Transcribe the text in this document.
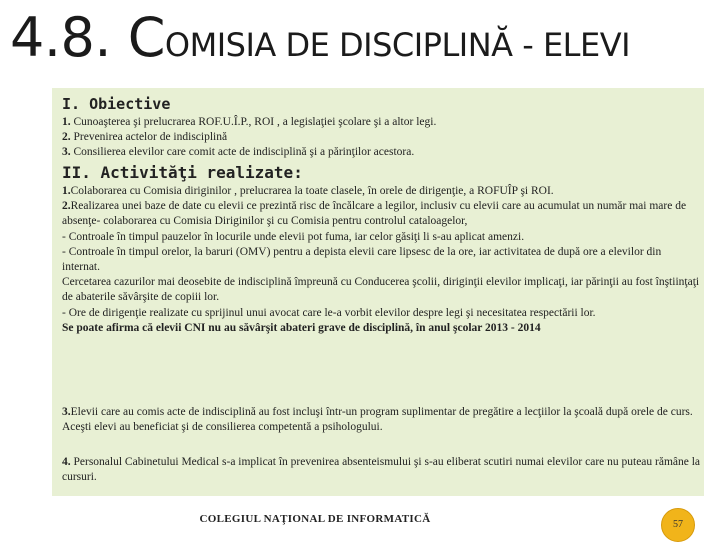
4.8. COMISIA DE DISCIPLINĂ - ELEVI
I. Obiective

1. Cunoaşterea şi prelucrarea ROF.U.Î.P., ROI , a legislaţiei şcolare şi a altor legi.

2. Prevenirea actelor de indisciplină

3. Consilierea elevilor care comit acte de indisciplină şi a părinţilor acestora.

II. Activităţi realizate:

1.Colaborarea cu Comisia diriginilor , prelucrarea la toate clasele, în orele de dirigenţie, a ROFUÎP şi ROI.

2.Realizarea unei baze de date cu elevii ce prezintă risc de încălcare a legilor, inclusiv cu elevii care au acumulat un număr mai mare de absenţe- colaborarea cu Comisia Diriginilor şi cu Comisia pentru controlul cataloagelor,

- Controale în timpul pauzelor în locurile unde elevii pot fuma, iar celor găsiţi li s-au aplicat amenzi.

- Controale în timpul orelor, la baruri (OMV) pentru a depista elevii care lipsesc de la ore, iar activitatea de după ore a elevilor din internat.

Cercetarea cazurilor mai deosebite de indisciplină împreună cu Conducerea şcolii, diriginţii elevilor implicaţi, iar părinţii au fost înştiinţaţi de abaterile săvârşite de copiii lor.

- Ore de dirigenţie realizate cu sprijinul unui avocat care le-a vorbit elevilor despre legi şi necesitatea respectării lor.

Se poate afirma că elevii CNI nu au săvârşit abateri grave de disciplină, în anul şcolar 2013 - 2014

3.Elevii care au comis acte de indisciplină au fost incluşi într-un program suplimentar de pregătire a lecţiilor la şcoală după orele de curs. Aceşti elevi au beneficiat şi de consilierea competentă a psihologului.

4. Personalul Cabinetului Medical s-a implicat în prevenirea absenteismului şi s-au eliberat scutiri numai elevilor care nu puteau rămâne la cursuri.

COLEGIUL NAŢIONAL DE INFORMATICĂ	57
